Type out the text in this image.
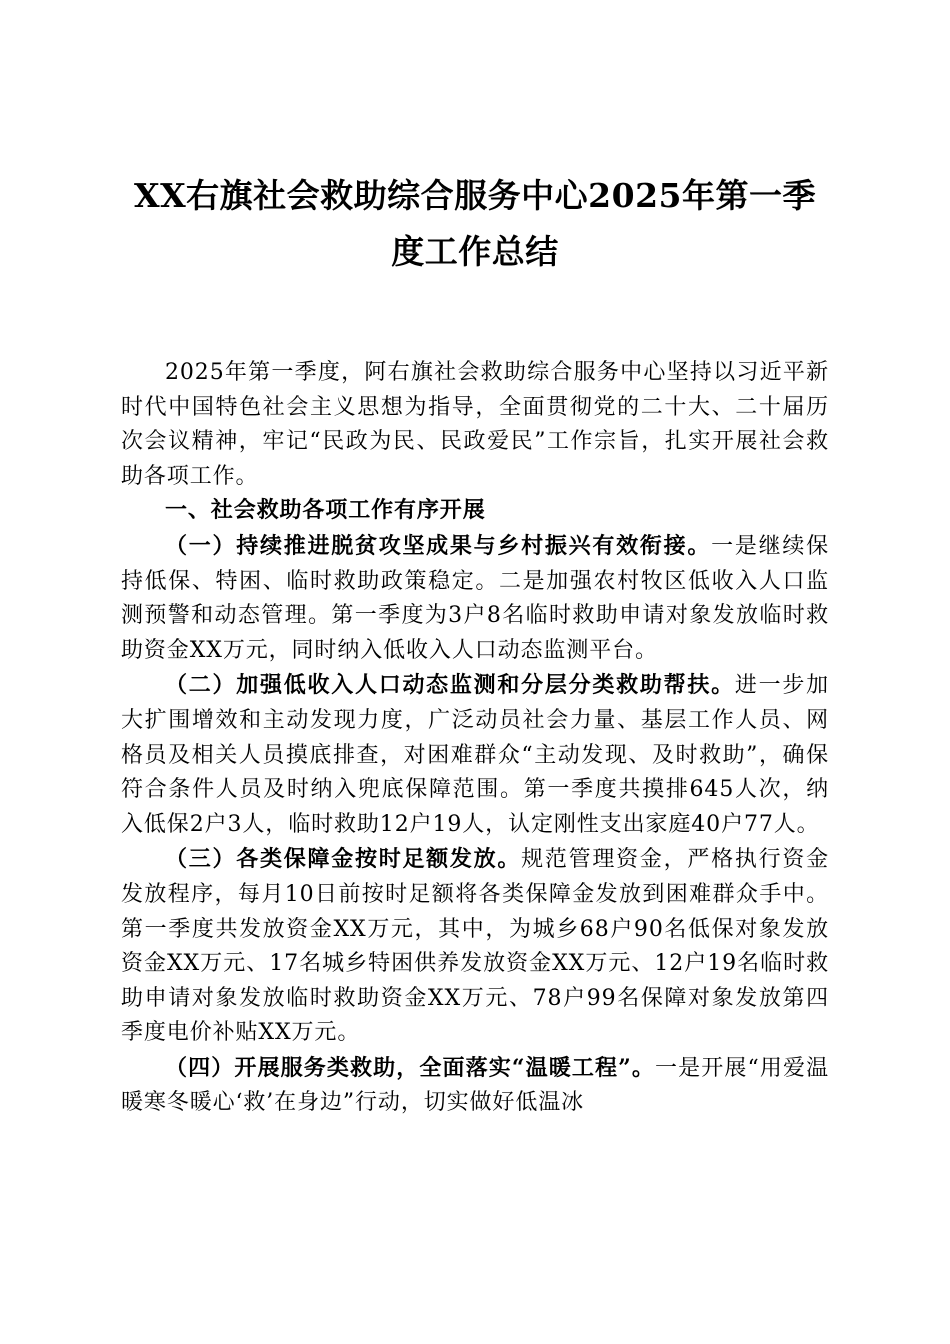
XX右旗社会救助综合服务中心2025年第一季
度工作总结

2025年第一季度，阿右旗社会救助综合服务中心坚持以习近平新时代中国特色社会主义思想为指导，全面贯彻党的二十大、二十届历次会议精神，牢记“民政为民、民政爱民”工作宗旨，扎实开展社会救助各项工作。

一、社会救助各项工作有序开展

（一）持续推进脱贫攻坚成果与乡村振兴有效衔接。一是继续保持低保、特困、临时救助政策稳定。二是加强农村牧区低收入人口监测预警和动态管理。第一季度为3户8名临时救助申请对象发放临时救助资金XX万元，同时纳入低收入人口动态监测平台。

（二）加强低收入人口动态监测和分层分类救助帮扶。进一步加大扩围增效和主动发现力度，广泛动员社会力量、基层工作人员、网格员及相关人员摸底排查，对困难群众“主动发现、及时救助”，确保符合条件人员及时纳入兜底保障范围。第一季度共摸排645人次，纳入低保2户3人，临时救助12户19人，认定刚性支出家庭40户77人。

（三）各类保障金按时足额发放。规范管理资金，严格执行资金发放程序，每月10日前按时足额将各类保障金发放到困难群众手中。第一季度共发放资金XX万元，其中，为城乡68户90名低保对象发放资金XX万元、17名城乡特困供养发放资金XX万元、12户19名临时救助申请对象发放临时救助资金XX万元、78户99名保障对象发放第四季度电价补贴XX万元。

（四）开展服务类救助，全面落实“温暖工程”。一是开展“用爱温暖寒冬暖心‘救’在身边”行动，切实做好低温冰
